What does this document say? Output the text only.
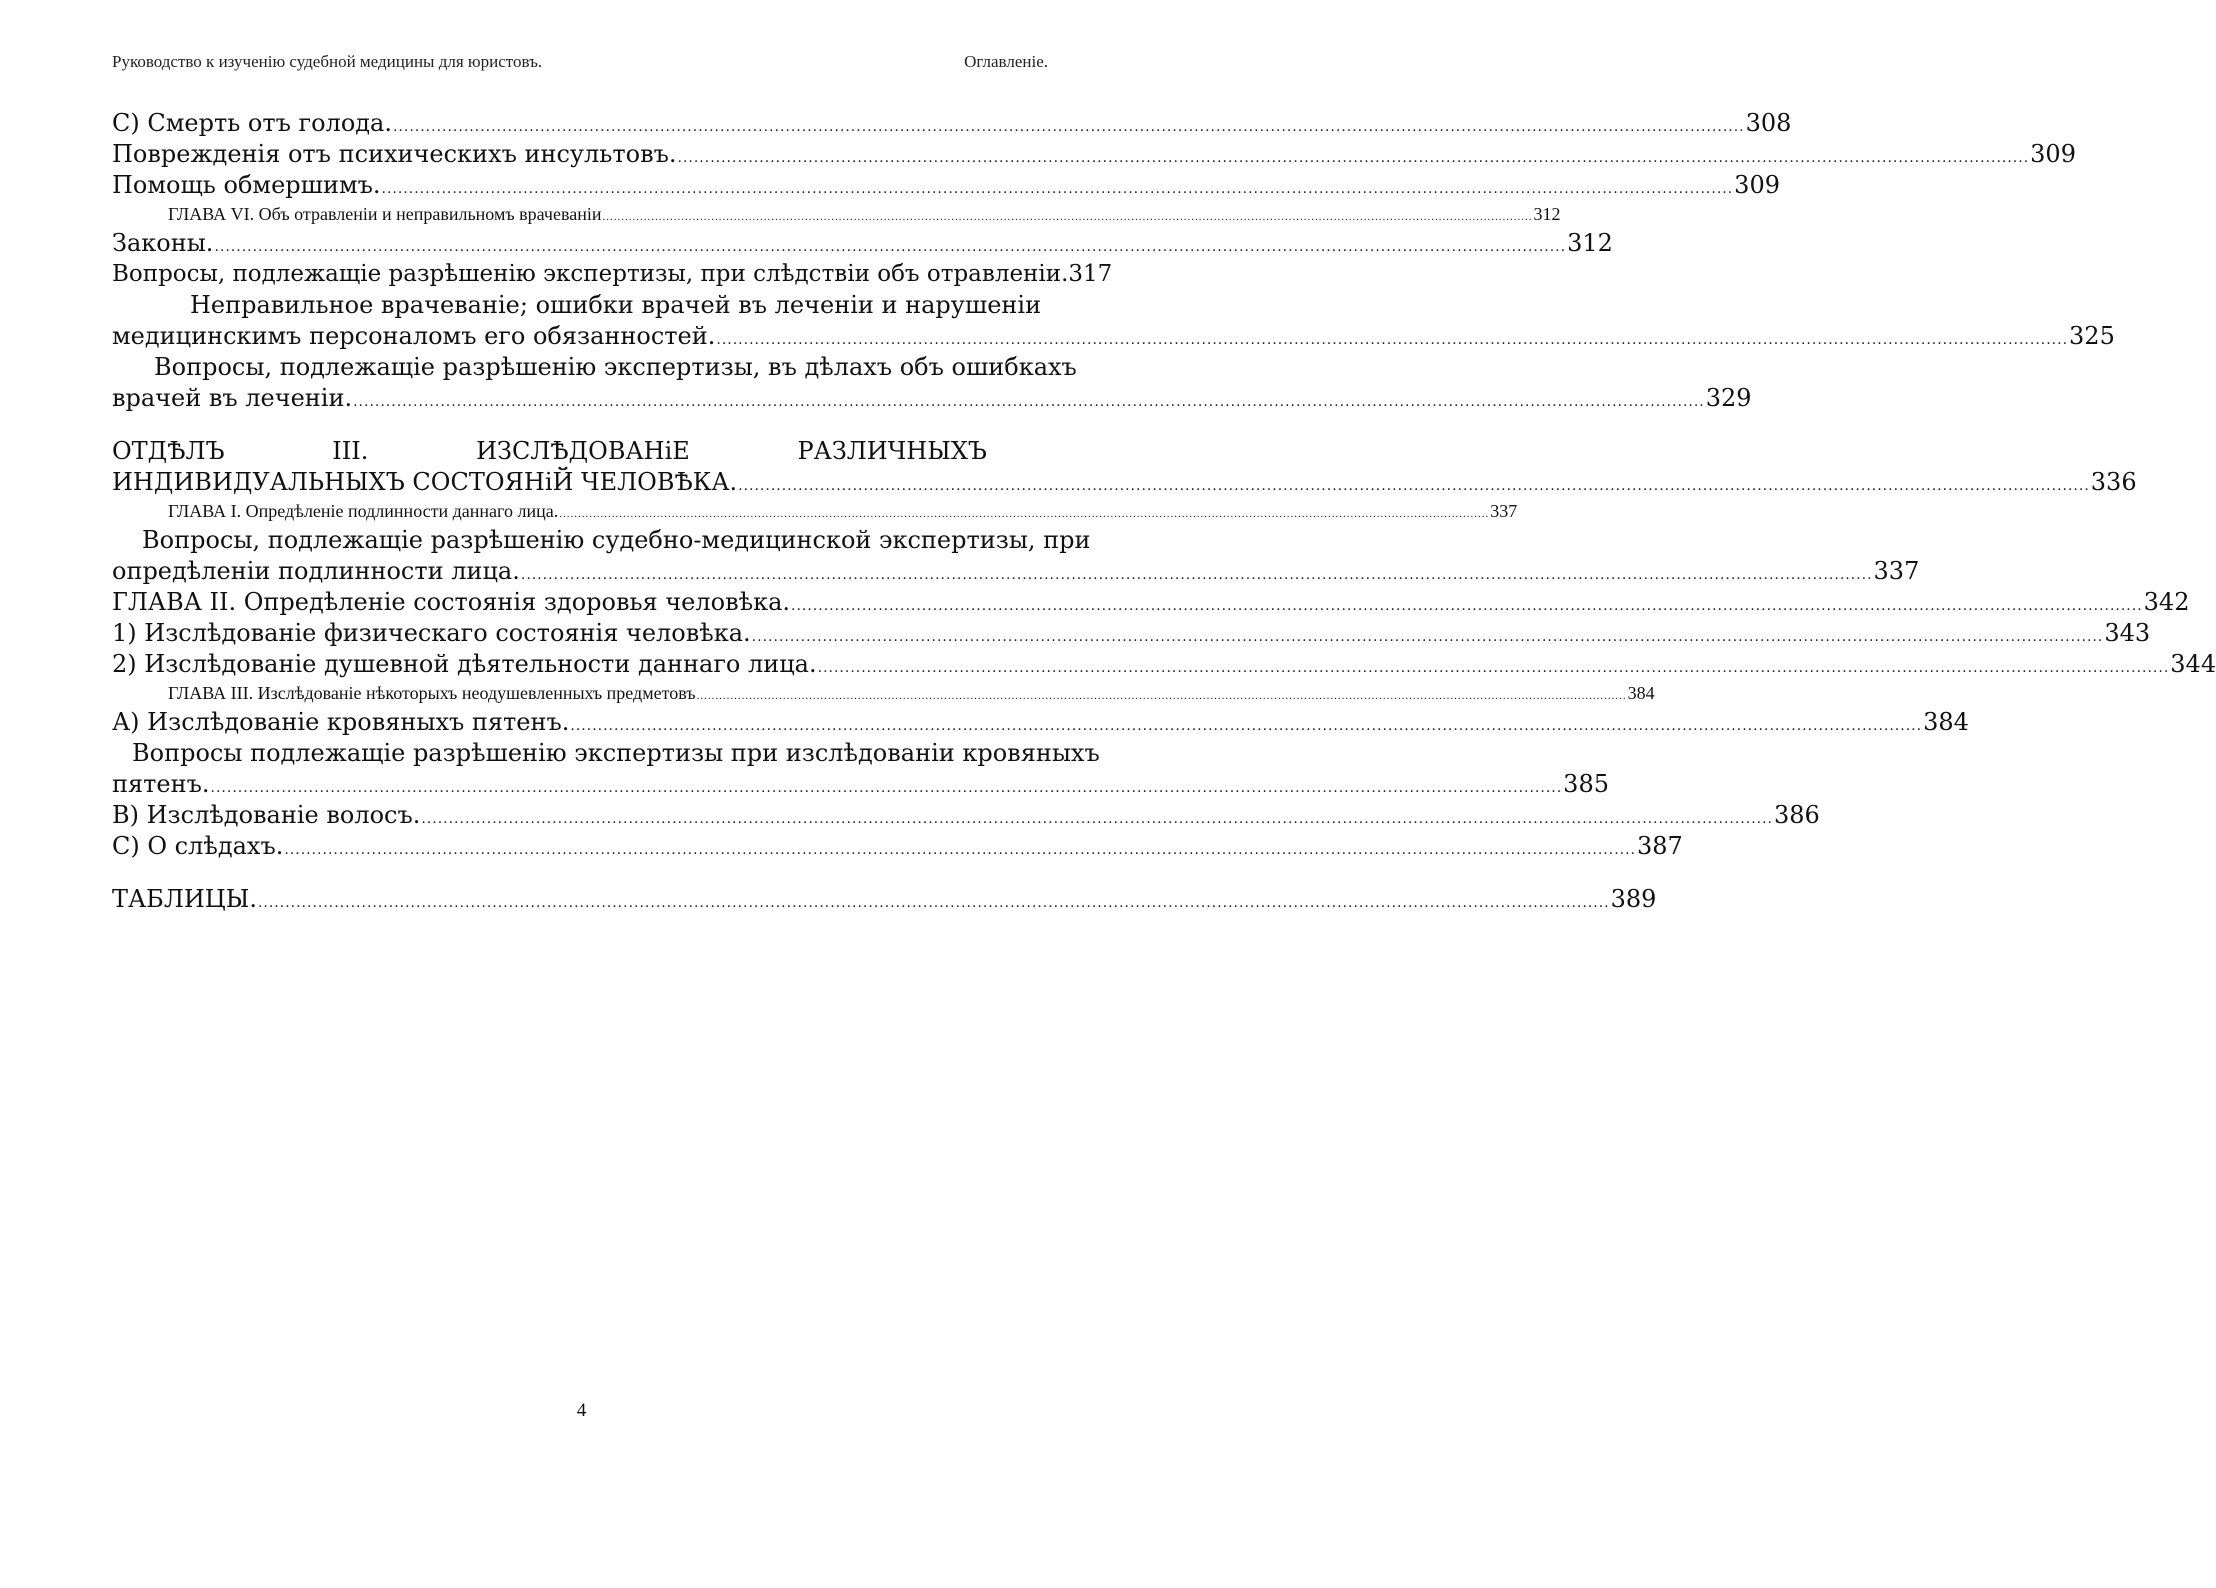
Руководство к изученію судебной медицины для юристовъ.	Оглавленіе.
С) Смерть отъ голода. .....	308
Поврежденія отъ психическихъ инсультовъ. .....	309
Помощь обмершимъ. .....	309
ГЛАВА VI. Объ отравленіи и неправильномъ врачеваніи .....	312
Законы. .....	312
Вопросы, подлежащіе разрѣшенію экспертизы, при слѣдствіи объ отравленіи. 317
Неправильное врачеваніе; ошибки врачей въ леченіи и нарушеніи
медицинскимъ персоналомъ его обязанностей. .....	325
Вопросы, подлежащіе разрѣшенію экспертизы, въ дѣлахъ объ ошибкахъ
врачей въ леченіи. .....	329
ОТДѢЛЪ	III.	ИЗСЛѢДОВАНiЕ	РАЗЛИЧНЫХЪ
ИНДИВИДУАЛЬНЫХЪ СОСТОЯНiЙ ЧЕЛОВѢКА. .....	336
ГЛАВА I. Опредѣленіе подлинности даннаго лица. .....	337
Вопросы, подлежащіе разрѣшенію судебно-медицинской экспертизы, при
опредѣленіи подлинности лица. .....	337
ГЛАВА II. Опредѣленіе состоянія здоровья человѣка. .....	342
1) Изслѣдованіе физическаго состоянія человѣка. .....	343
2) Изслѣдованіе душевной дѣятельности даннаго лица. .....	344
ГЛАВА III. Изслѣдованіе нѣкоторыхъ неодушевленныхъ предметовъ .....	384
А) Изслѣдованіе кровяныхъ пятенъ. .....	384
Вопросы подлежащіе разрѣшенію экспертизы при изслѣдованіи кровяныхъ
пятенъ. .....	385
В) Изслѣдованіе волосъ. .....	386
С) О слѣдахъ. .....	387
ТАБЛИЦЫ. .....	389
4
